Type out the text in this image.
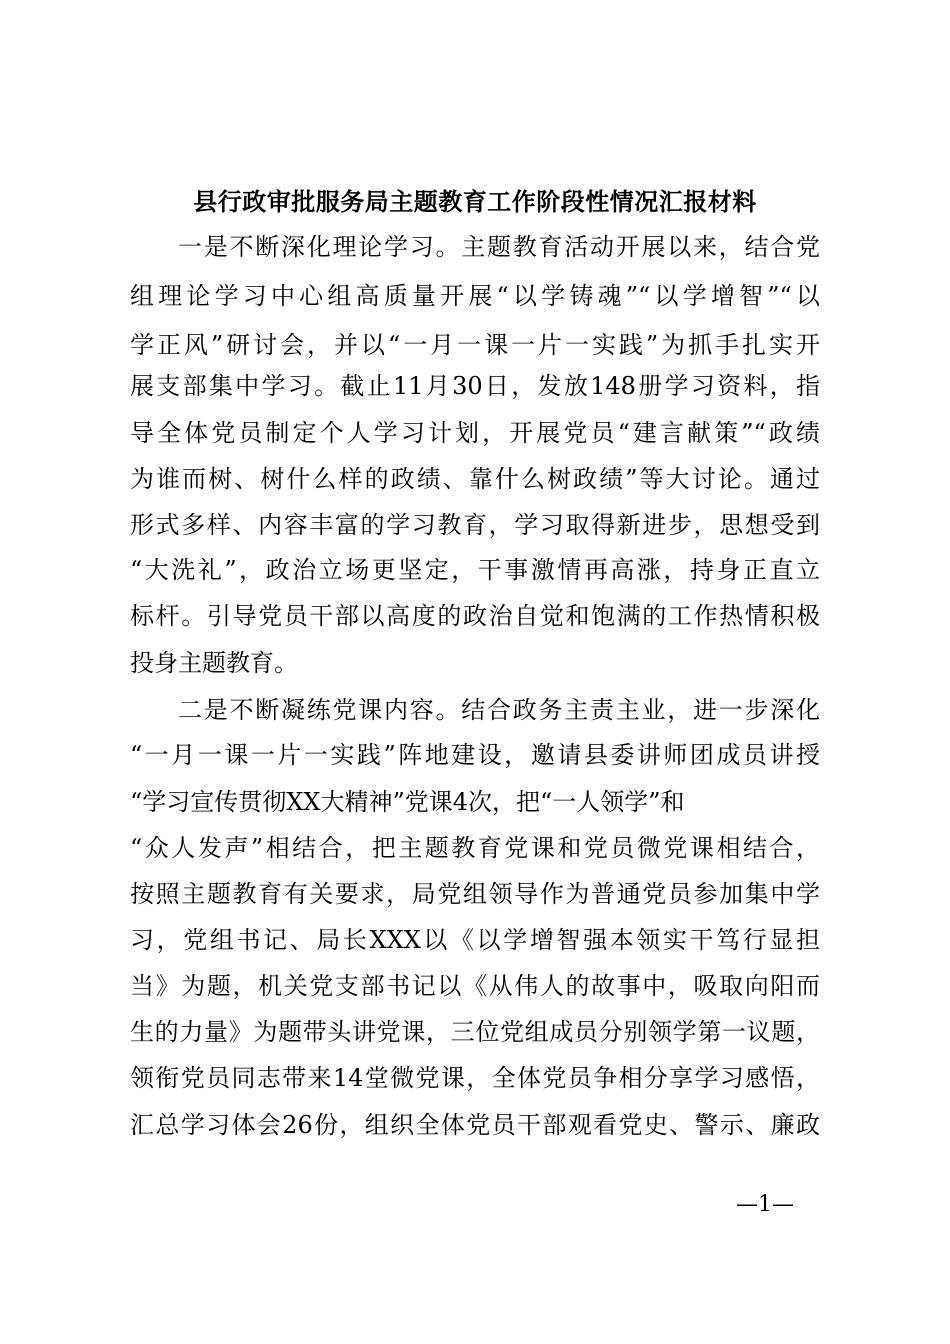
县行政审批服务局主题教育工作阶段性情况汇报材料
一是不断深化理论学习。主题教育活动开展以来，结合党
组理论学习中心组高质量开展“以学铸魂”“以学增智”“以
学正风”研讨会，并以“一月一课一片一实践”为抓手扎实开
展支部集中学习。截止11月30日，发放148册学习资料，指
导全体党员制定个人学习计划，开展党员“建言献策”“政绩
为谁而树、树什么样的政绩、靠什么树政绩”等大讨论。通过
形式多样、内容丰富的学习教育，学习取得新进步，思想受到
“大洗礼”，政治立场更坚定，干事激情再高涨，持身正直立
标杆。引导党员干部以高度的政治自觉和饱满的工作热情积极
投身主题教育。
二是不断凝练党课内容。结合政务主责主业，进一步深化
“一月一课一片一实践”阵地建设，邀请县委讲师团成员讲授
“学习宣传贯彻XX大精神”党课4次，把“一人领学”和
“众人发声”相结合，把主题教育党课和党员微党课相结合，
按照主题教育有关要求，局党组领导作为普通党员参加集中学
习，党组书记、局长XXX以《以学增智强本领实干笃行显担
当》为题，机关党支部书记以《从伟人的故事中，吸取向阳而
生的力量》为题带头讲党课，三位党组成员分别领学第一议题，
领衔党员同志带来14堂微党课，全体党员争相分享学习感悟，
汇总学习体会26份，组织全体党员干部观看党史、警示、廉政
—1—
